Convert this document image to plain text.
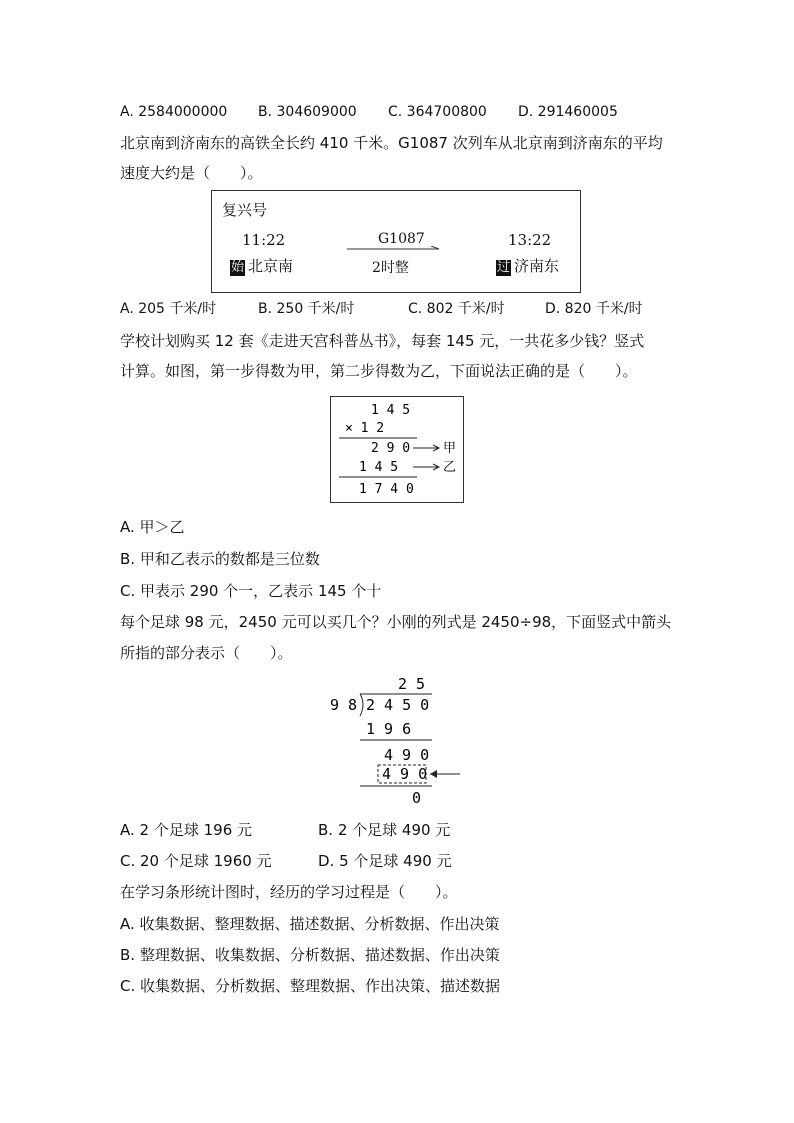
A. 2584000000 B. 304609000 C. 364700800 D. 291460005
北京南到济南东的高铁全长约 410 千米。G1087 次列车从北京南到济南东的平均
速度大约是（　　）。
复兴号
11:22	G1087	13:22
始 北京南	2时整	过 济南东
A. 205 千米/时	B. 250 千米/时	C. 802 千米/时	D. 820 千米/时
学校计划购买 12 套《走进天宫科普丛书》，每套 145 元，一共花多少钱？竖式
计算。如图，第一步得数为甲，第二步得数为乙，下面说法正确的是（　　）。
1 4 5
× 1 2
2 9 0	甲
1 4 5	乙
1 7 4 0
A. 甲＞乙
B. 甲和乙表示的数都是三位数
C. 甲表示 290 个一，乙表示 145 个十
每个足球 98 元，2450 元可以买几个？小刚的列式是 2450÷98，下面竖式中箭头
所指的部分表示（　　）。
2 5
9 8 2 4 5 0
1 9 6
4 9 0
4 9 0
0
A. 2 个足球 196 元	B. 2 个足球 490 元
C. 20 个足球 1960 元	D. 5 个足球 490 元
在学习条形统计图时，经历的学习过程是（　　）。
A. 收集数据、整理数据、描述数据、分析数据、作出决策
B. 整理数据、收集数据、分析数据、描述数据、作出决策
C. 收集数据、分析数据、整理数据、作出决策、描述数据
